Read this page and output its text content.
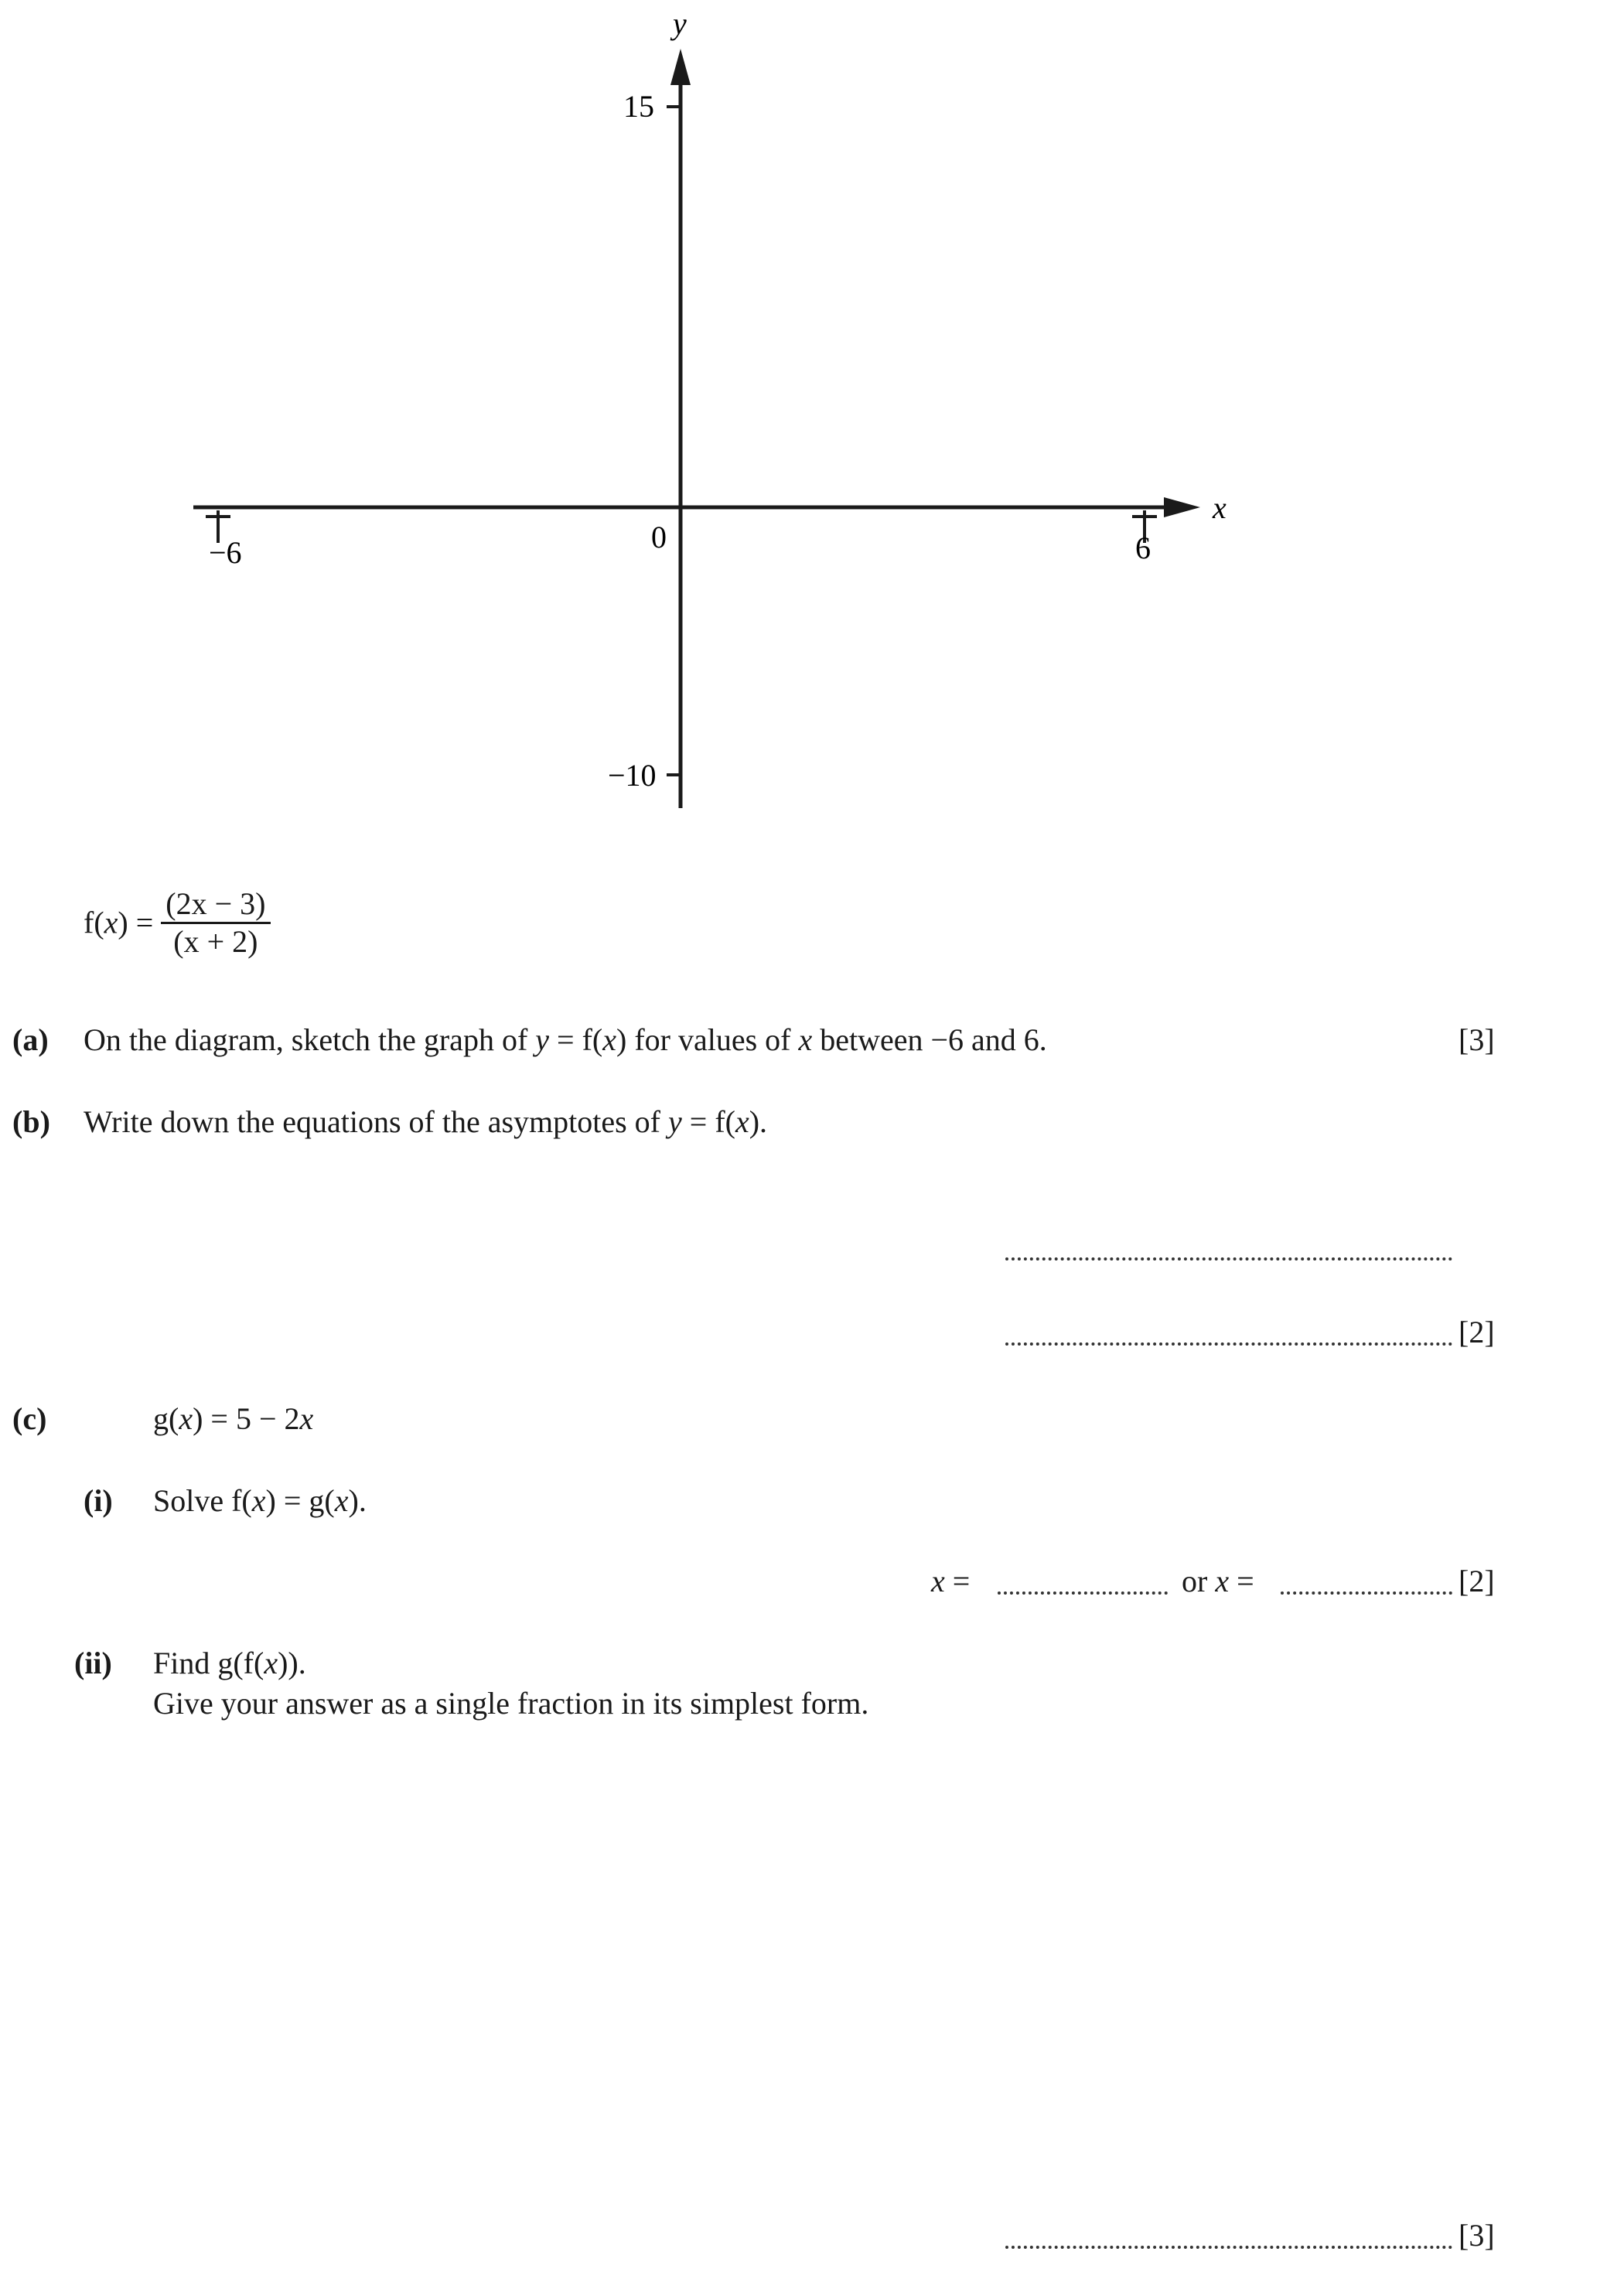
−6	6
0
15
−10
x
y
$f(x) = \frac{(2x - 3)}{(x + 2)}$
(a) On the diagram, sketch the graph of y = f(x) for values of x between −6 and 6.	[3]
(b) Write down the equations of the asymptotes of y = f(x).
[2]
(c)	g(x) = 5 − 2x
(i) Solve f(x) = g(x).
x =	or x =	[2]
(ii) Find g(f(x)).
Give your answer as a single fraction in its simplest form.
[3]
